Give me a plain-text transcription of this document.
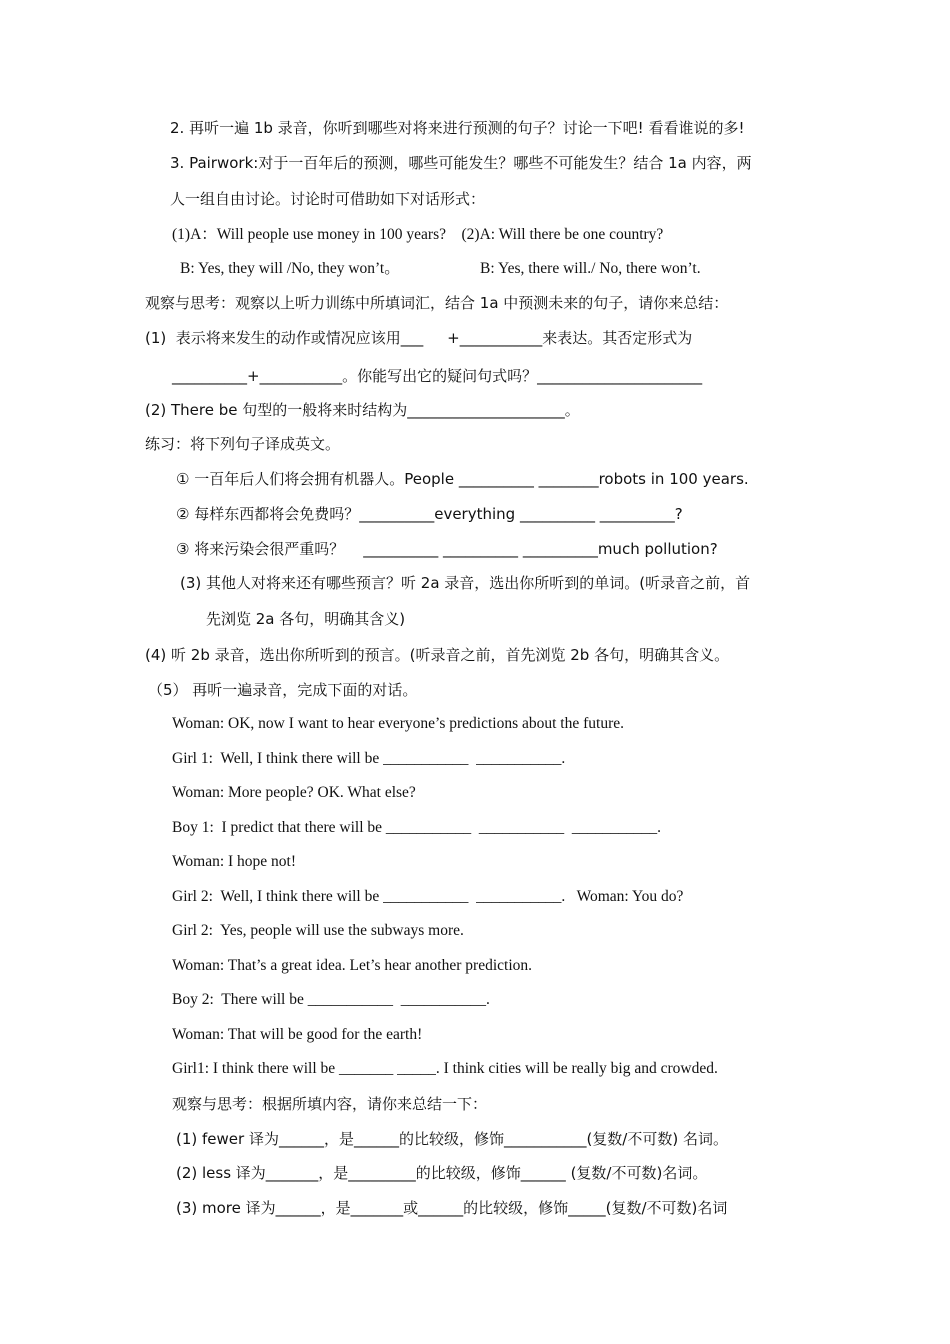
2. 再听一遍 1b 录音，你听到哪些对将来进行预测的句子？讨论一下吧! 看看谁说的多!
3. Pairwork:对于一百年后的预测，哪些可能发生？哪些不可能发生？结合 1a 内容，两
人一组自由讨论。讨论时可借助如下对话形式：
(1)A：Will people use money in 100 years?    (2)A: Will there be one country?
B: Yes, they will /No, they won’t。	B: Yes, there will./ No, there won’t.
观察与思考：观察以上听力训练中所填词汇，结合 1a 中预测未来的句子，请你来总结：
(1)  表示将来发生的动作或情况应该用___     +___________来表达。其否定形式为
__________+___________。你能写出它的疑问句式吗？______________________
(2) There be 句型的一般将来时结构为_____________________。
练习：将下列句子译成英文。
① 一百年后人们将会拥有机器人。People __________ ________robots in 100 years.
② 每样东西都将会免费吗？__________everything __________ __________?
③ 将来污染会很严重吗？    __________ __________ __________much pollution?
(3) 其他人对将来还有哪些预言？听 2a 录音，选出你所听到的单词。(听录音之前，首
先浏览 2a 各句，明确其含义)
(4) 听 2b 录音，选出你所听到的预言。(听录音之前，首先浏览 2b 各句，明确其含义。
（5） 再听一遍录音，完成下面的对话。
Woman: OK, now I want to hear everyone’s predictions about the future.
Girl 1:  Well, I think there will be ___________  ___________.
Woman: More people? OK. What else?
Boy 1:  I predict that there will be ___________  ___________  ___________.
Woman: I hope not!
Girl 2:  Well, I think there will be ___________  ___________.   Woman: You do?
Girl 2:  Yes, people will use the subways more.
Woman: That’s a great idea. Let’s hear another prediction.
Boy 2:  There will be ___________  ___________.
Woman: That will be good for the earth!
Girl1: I think there will be _______ _____. I think cities will be really big and crowded.
观察与思考：根据所填内容，请你来总结一下：
(1) fewer 译为______，是______的比较级，修饰___________(复数/不可数) 名词。
(2) less 译为_______，是_________的比较级，修饰______ (复数/不可数)名词。
(3) more 译为______，是_______或______的比较级，修饰_____(复数/不可数)名词
